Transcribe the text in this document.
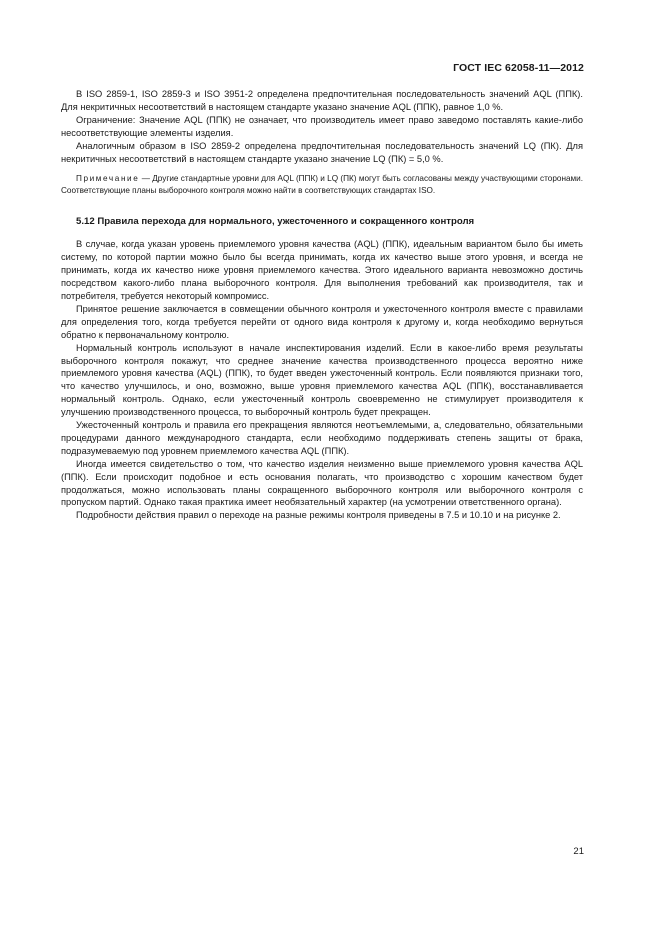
ГОСТ IEC 62058-11—2012

В ISO 2859-1, ISO 2859-3 и ISO 3951-2 определена предпочтительная последовательность значений AQL (ППК). Для некритичных несоответствий в настоящем стандарте указано значение AQL (ППК), равное 1,0 %.

Ограничение: Значение AQL (ППК) не означает, что производитель имеет право заведомо поставлять какие-либо несоответствующие элементы изделия.

Аналогичным образом в ISO 2859-2 определена предпочтительная последовательность значений LQ (ПК). Для некритичных несоответствий в настоящем стандарте указано значение LQ (ПК) = 5,0 %.

Примечание — Другие стандартные уровни для AQL (ППК) и LQ (ПК) могут быть согласованы между участвующими сторонами. Соответствующие планы выборочного контроля можно найти в соответствующих стандартах ISO.

5.12 Правила перехода для нормального, ужесточенного и сокращенного контроля

В случае, когда указан уровень приемлемого уровня качества (AQL) (ППК), идеальным вариантом было бы иметь систему, по которой партии можно было бы всегда принимать, когда их качество выше этого уровня, и всегда не принимать, когда их качество ниже уровня приемлемого качества. Этого идеального варианта невозможно достичь посредством какого-либо плана выборочного контроля. Для выполнения требований как производителя, так и потребителя, требуется некоторый компромисс.

Принятое решение заключается в совмещении обычного контроля и ужесточенного контроля вместе с правилами для определения того, когда требуется перейти от одного вида контроля к другому и, когда необходимо вернуться обратно к первоначальному контролю.

Нормальный контроль используют в начале инспектирования изделий. Если в какое-либо время результаты выборочного контроля покажут, что среднее значение качества производственного процесса вероятно ниже приемлемого уровня качества (AQL) (ППК), то будет введен ужесточенный контроль. Если появляются признаки того, что качество улучшилось, и оно, возможно, выше уровня приемлемого качества AQL (ППК), восстанавливается нормальный контроль. Однако, если ужесточенный контроль своевременно не стимулирует производителя к улучшению производственного процесса, то выборочный контроль будет прекращен.

Ужесточенный контроль и правила его прекращения являются неотъемлемыми, а, следовательно, обязательными процедурами данного международного стандарта, если необходимо поддерживать степень защиты от брака, подразумеваемую под уровнем приемлемого качества AQL (ППК).

Иногда имеется свидетельство о том, что качество изделия неизменно выше приемлемого уровня качества AQL (ППК). Если происходит подобное и есть основания полагать, что производство с хорошим качеством будет продолжаться, можно использовать планы сокращенного выборочного контроля или выборочного контроля с пропуском партий. Однако такая практика имеет необязательный характер (на усмотрении ответственного органа).

Подробности действия правил о переходе на разные режимы контроля приведены в 7.5 и 10.10 и на рисунке 2.

21
